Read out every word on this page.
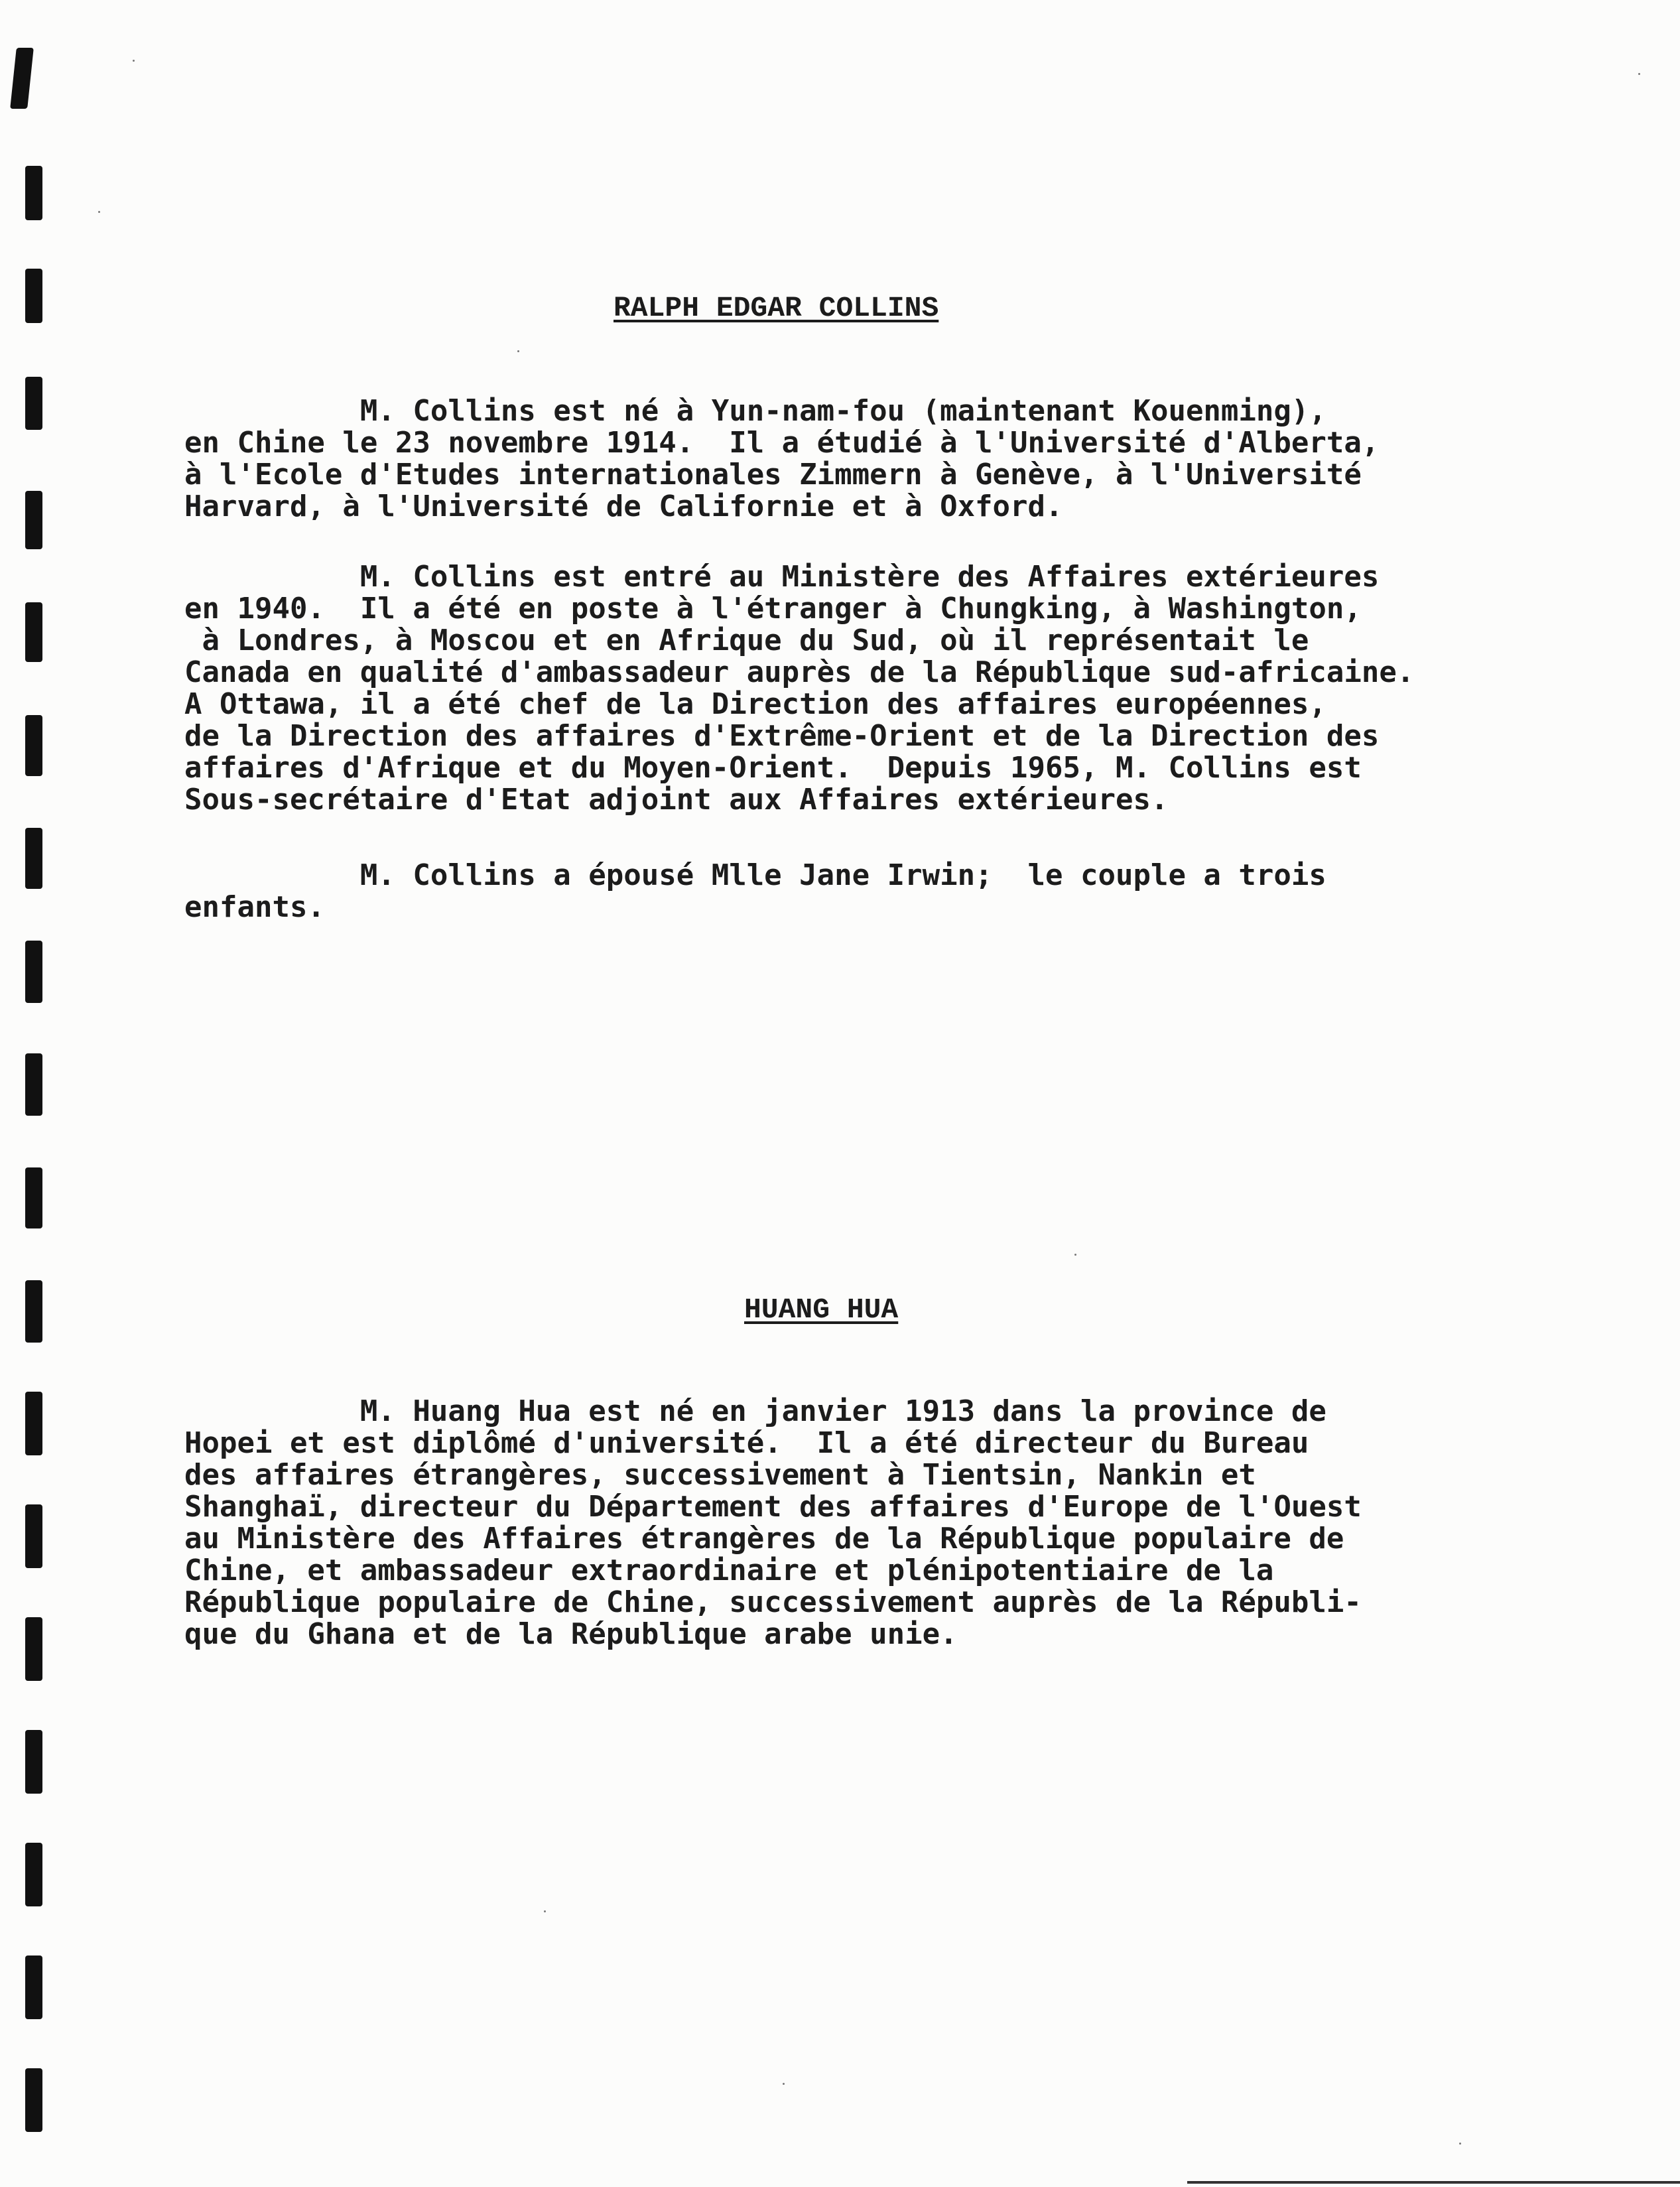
RALPH EDGAR COLLINS
M. Collins est né à Yun-nam-fou (maintenant Kouenming),
en Chine le 23 novembre 1914.  Il a étudié à l'Université d'Alberta,
à l'Ecole d'Etudes internationales Zimmern à Genève, à l'Université
Harvard, à l'Université de Californie et à Oxford.
M. Collins est entré au Ministère des Affaires extérieures
en 1940.  Il a été en poste à l'étranger à Chungking, à Washington,
à Londres, à Moscou et en Afrique du Sud, où il représentait le
Canada en qualité d'ambassadeur auprès de la République sud-africaine.
A Ottawa, il a été chef de la Direction des affaires européennes,
de la Direction des affaires d'Extrême-Orient et de la Direction des
affaires d'Afrique et du Moyen-Orient.  Depuis 1965, M. Collins est
Sous-secrétaire d'Etat adjoint aux Affaires extérieures.
M. Collins a épousé Mlle Jane Irwin;  le couple a trois
enfants.
HUANG HUA
M. Huang Hua est né en janvier 1913 dans la province de
Hopei et est diplômé d'université.  Il a été directeur du Bureau
des affaires étrangères, successivement à Tientsin, Nankin et
Shanghaï, directeur du Département des affaires d'Europe de l'Ouest
au Ministère des Affaires étrangères de la République populaire de
Chine, et ambassadeur extraordinaire et plénipotentiaire de la
République populaire de Chine, successivement auprès de la Républi-
que du Ghana et de la République arabe unie.
